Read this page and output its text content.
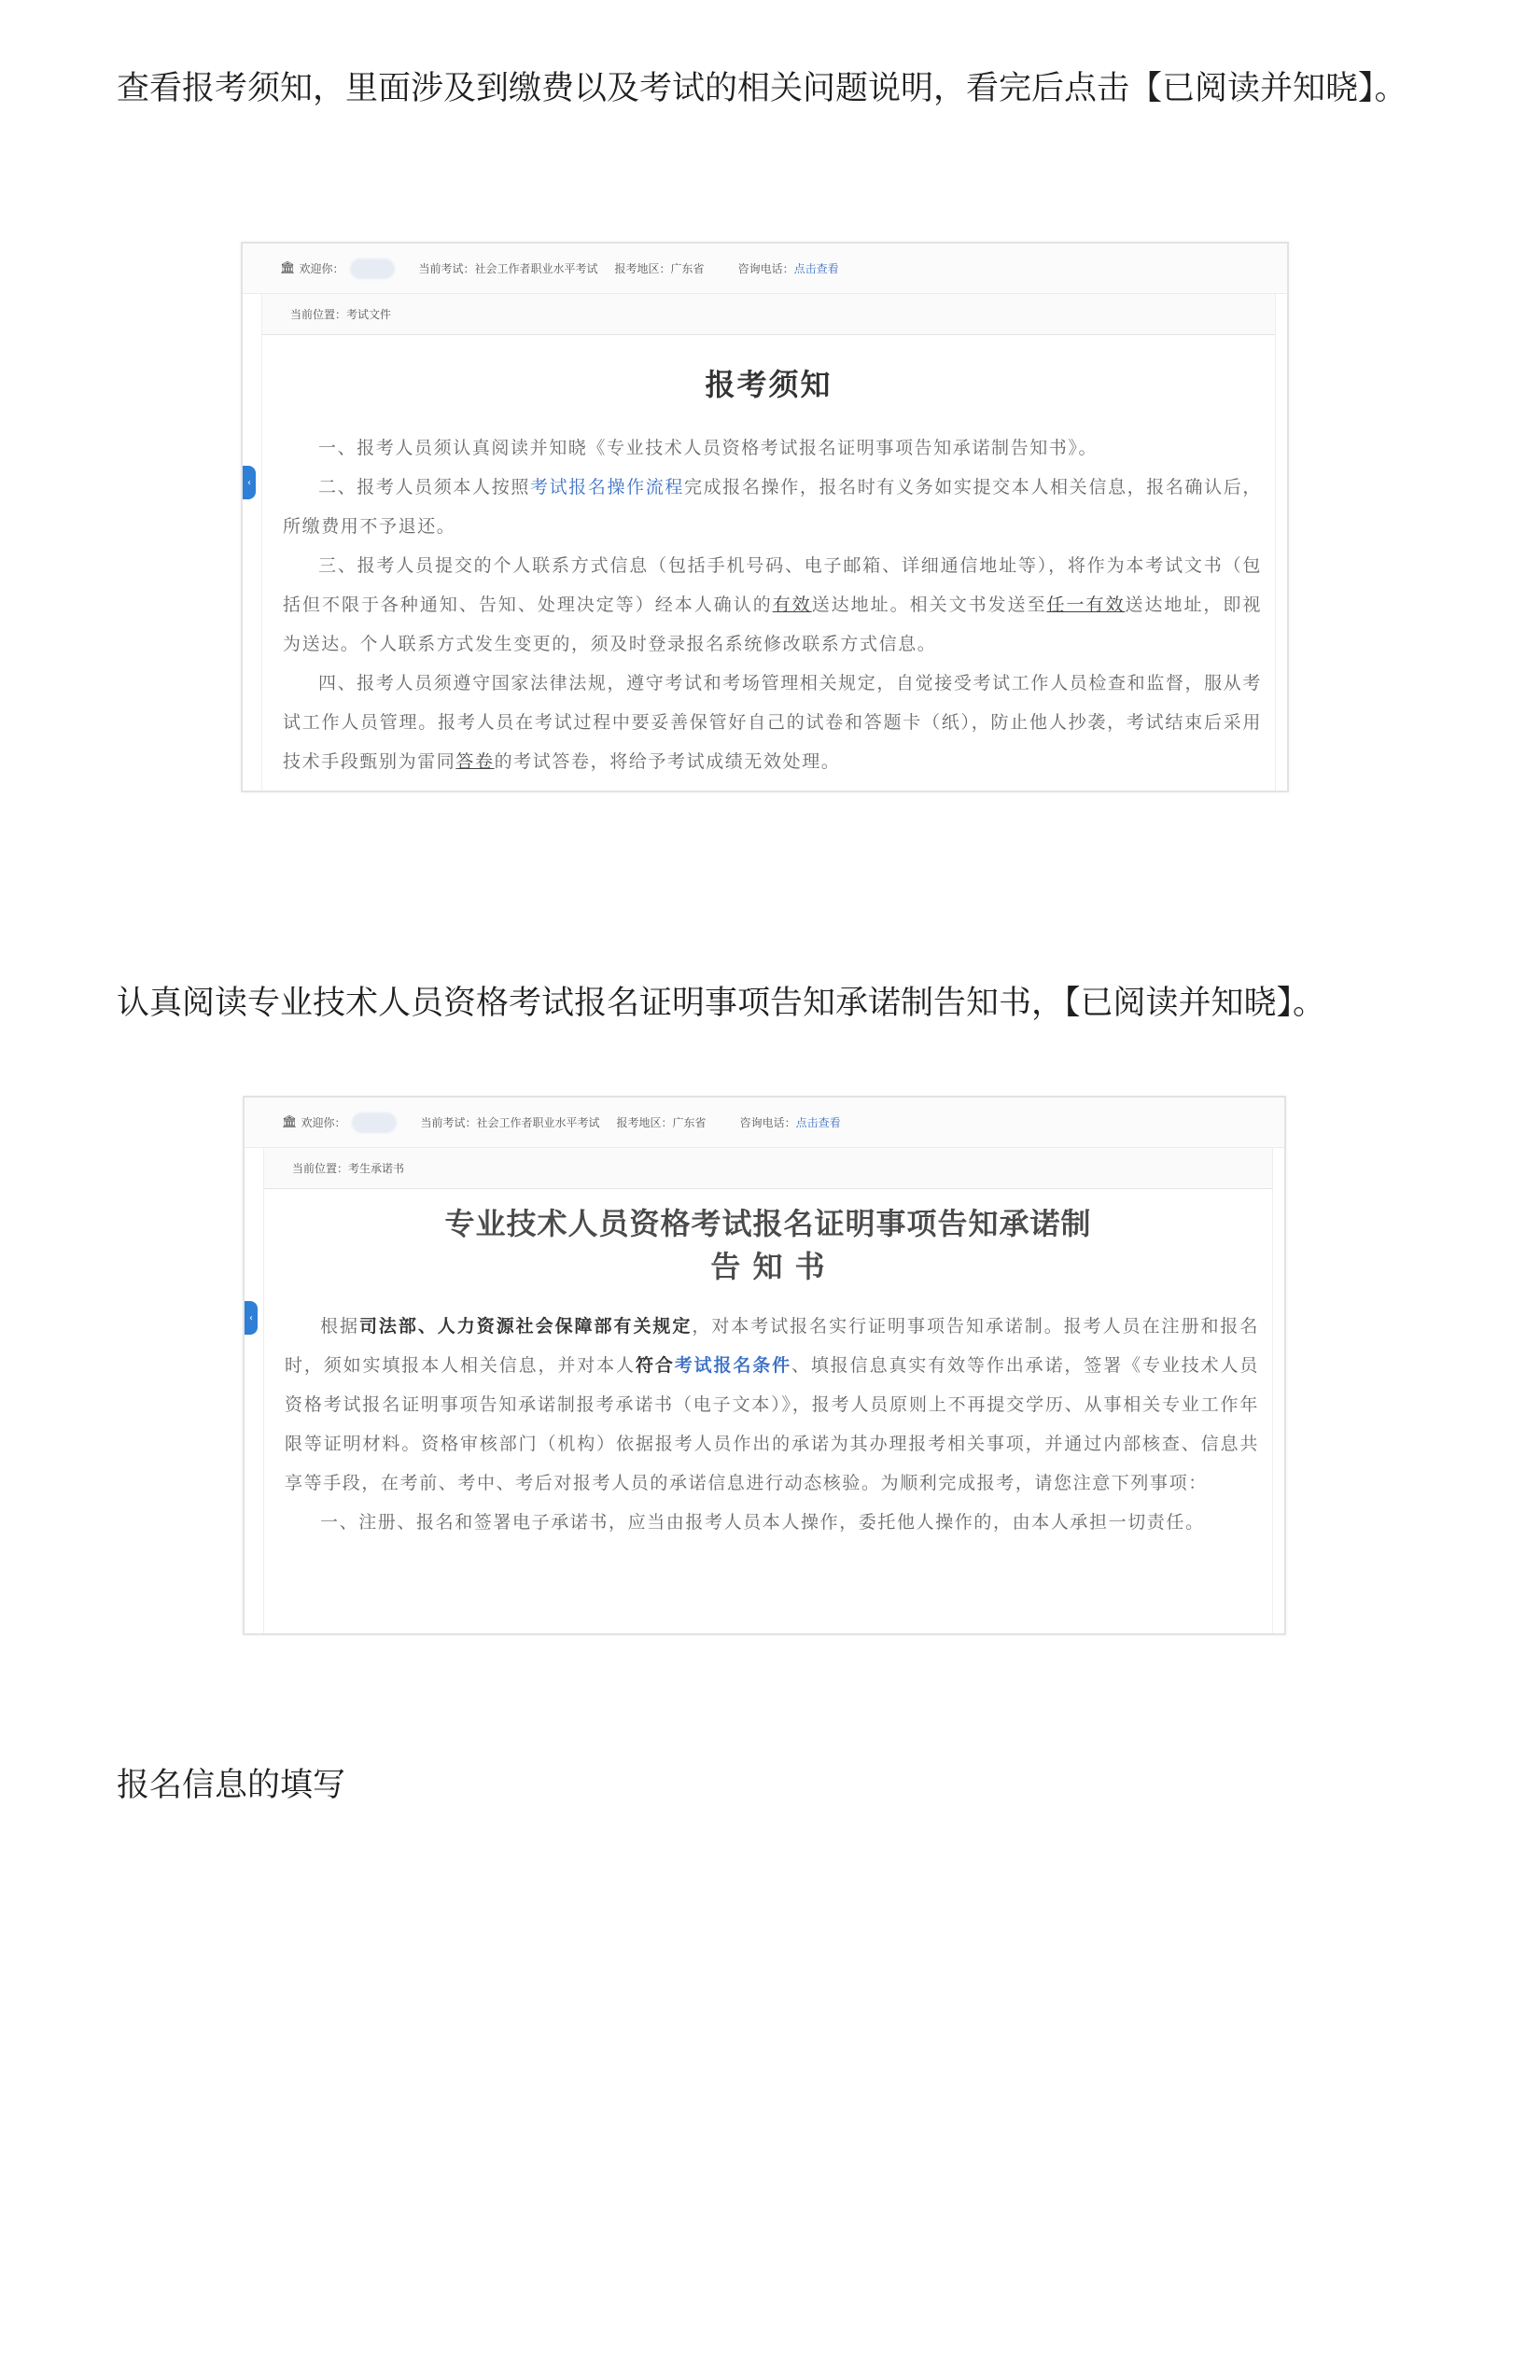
查看报考须知，里面涉及到缴费以及考试的相关问题说明，看完后点击【已阅读并知晓】。

🏛 欢迎你：	当前考试：社会工作者职业水平考试 报考地区：广东省	咨询电话： 点击查看
当前位置：考试文件
报考须知

一、报考人员须认真阅读并知晓《专业技术人员资格考试报名证明事项告知承诺制告知书》。

二、报考人员须本人按照考试报名操作流程完成报名操作，报名时有义务如实提交本人相关信息，报名确认后，所缴费用不予退还。

三、报考人员提交的个人联系方式信息（包括手机号码、电子邮箱、详细通信地址等），将作为本考试文书（包括但不限于各种通知、告知、处理决定等）经本人确认的有效送达地址。相关文书发送至任一有效送达地址，即视为送达。个人联系方式发生变更的，须及时登录报名系统修改联系方式信息。

四、报考人员须遵守国家法律法规，遵守考试和考场管理相关规定，自觉接受考试工作人员检查和监督，服从考试工作人员管理。报考人员在考试过程中要妥善保管好自己的试卷和答题卡（纸），防止他人抄袭，考试结束后采用技术手段甄别为雷同答卷的考试答卷，将给予考试成绩无效处理。

‹

认真阅读专业技术人员资格考试报名证明事项告知承诺制告知书，【已阅读并知晓】。

🏛 欢迎你：	当前考试：社会工作者职业水平考试 报考地区：广东省	咨询电话： 点击查看
当前位置：考生承诺书
专业技术人员资格考试报名证明事项告知承诺制
告 知 书

根据司法部、人力资源社会保障部有关规定，对本考试报名实行证明事项告知承诺制。报考人员在注册和报名时，须如实填报本人相关信息，并对本人符合考试报名条件、填报信息真实有效等作出承诺，签署《专业技术人员资格考试报名证明事项告知承诺制报考承诺书（电子文本）》，报考人员原则上不再提交学历、从事相关专业工作年限等证明材料。资格审核部门（机构）依据报考人员作出的承诺为其办理报考相关事项，并通过内部核查、信息共享等手段，在考前、考中、考后对报考人员的承诺信息进行动态核验。为顺利完成报考，请您注意下列事项：

一、注册、报名和签署电子承诺书，应当由报考人员本人操作，委托他人操作的，由本人承担一切责任。

‹

报名信息的填写
